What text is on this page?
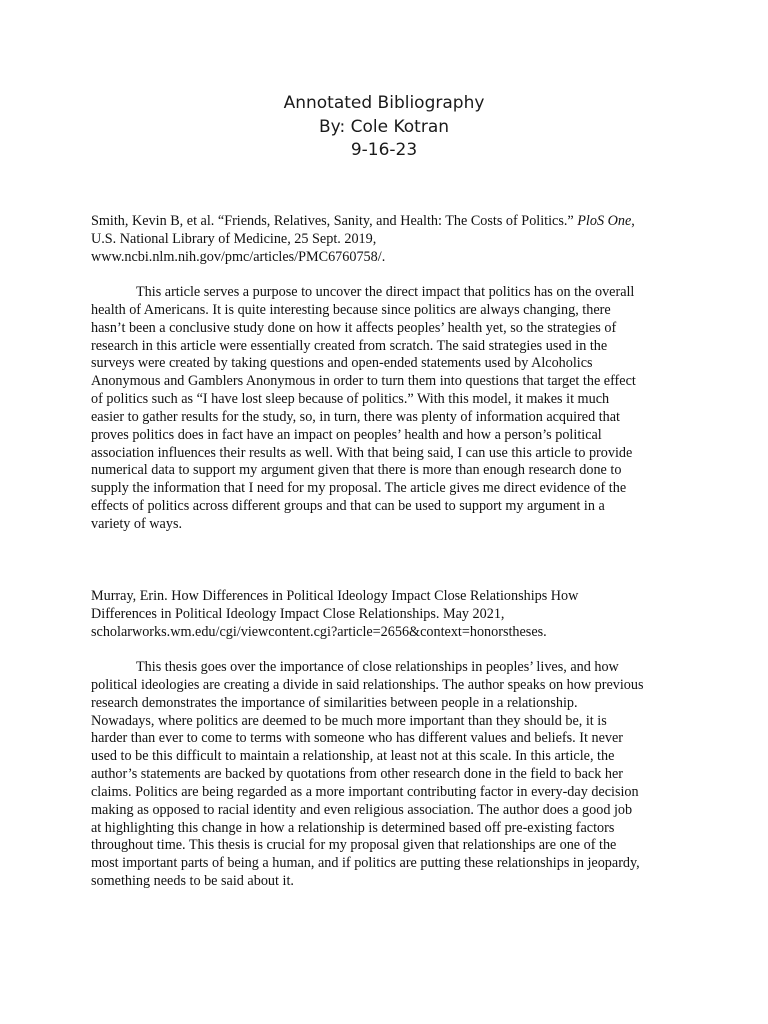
Annotated Bibliography
By: Cole Kotran
9-16-23
Smith, Kevin B, et al. “Friends, Relatives, Sanity, and Health: The Costs of Politics.” PloS One,
U.S. National Library of Medicine, 25 Sept. 2019,
www.ncbi.nlm.nih.gov/pmc/articles/PMC6760758/.
This article serves a purpose to uncover the direct impact that politics has on the overall
health of Americans. It is quite interesting because since politics are always changing, there
hasn’t been a conclusive study done on how it affects peoples’ health yet, so the strategies of
research in this article were essentially created from scratch. The said strategies used in the
surveys were created by taking questions and open-ended statements used by Alcoholics
Anonymous and Gamblers Anonymous in order to turn them into questions that target the effect
of politics such as “I have lost sleep because of politics.” With this model, it makes it much
easier to gather results for the study, so, in turn, there was plenty of information acquired that
proves politics does in fact have an impact on peoples’ health and how a person’s political
association influences their results as well. With that being said, I can use this article to provide
numerical data to support my argument given that there is more than enough research done to
supply the information that I need for my proposal. The article gives me direct evidence of the
effects of politics across different groups and that can be used to support my argument in a
variety of ways.
Murray, Erin. How Differences in Political Ideology Impact Close Relationships How
Differences in Political Ideology Impact Close Relationships. May 2021,
scholarworks.wm.edu/cgi/viewcontent.cgi?article=2656&context=honorstheses.
This thesis goes over the importance of close relationships in peoples’ lives, and how
political ideologies are creating a divide in said relationships. The author speaks on how previous
research demonstrates the importance of similarities between people in a relationship.
Nowadays, where politics are deemed to be much more important than they should be, it is
harder than ever to come to terms with someone who has different values and beliefs. It never
used to be this difficult to maintain a relationship, at least not at this scale. In this article, the
author’s statements are backed by quotations from other research done in the field to back her
claims. Politics are being regarded as a more important contributing factor in every-day decision
making as opposed to racial identity and even religious association. The author does a good job
at highlighting this change in how a relationship is determined based off pre-existing factors
throughout time. This thesis is crucial for my proposal given that relationships are one of the
most important parts of being a human, and if politics are putting these relationships in jeopardy,
something needs to be said about it.
